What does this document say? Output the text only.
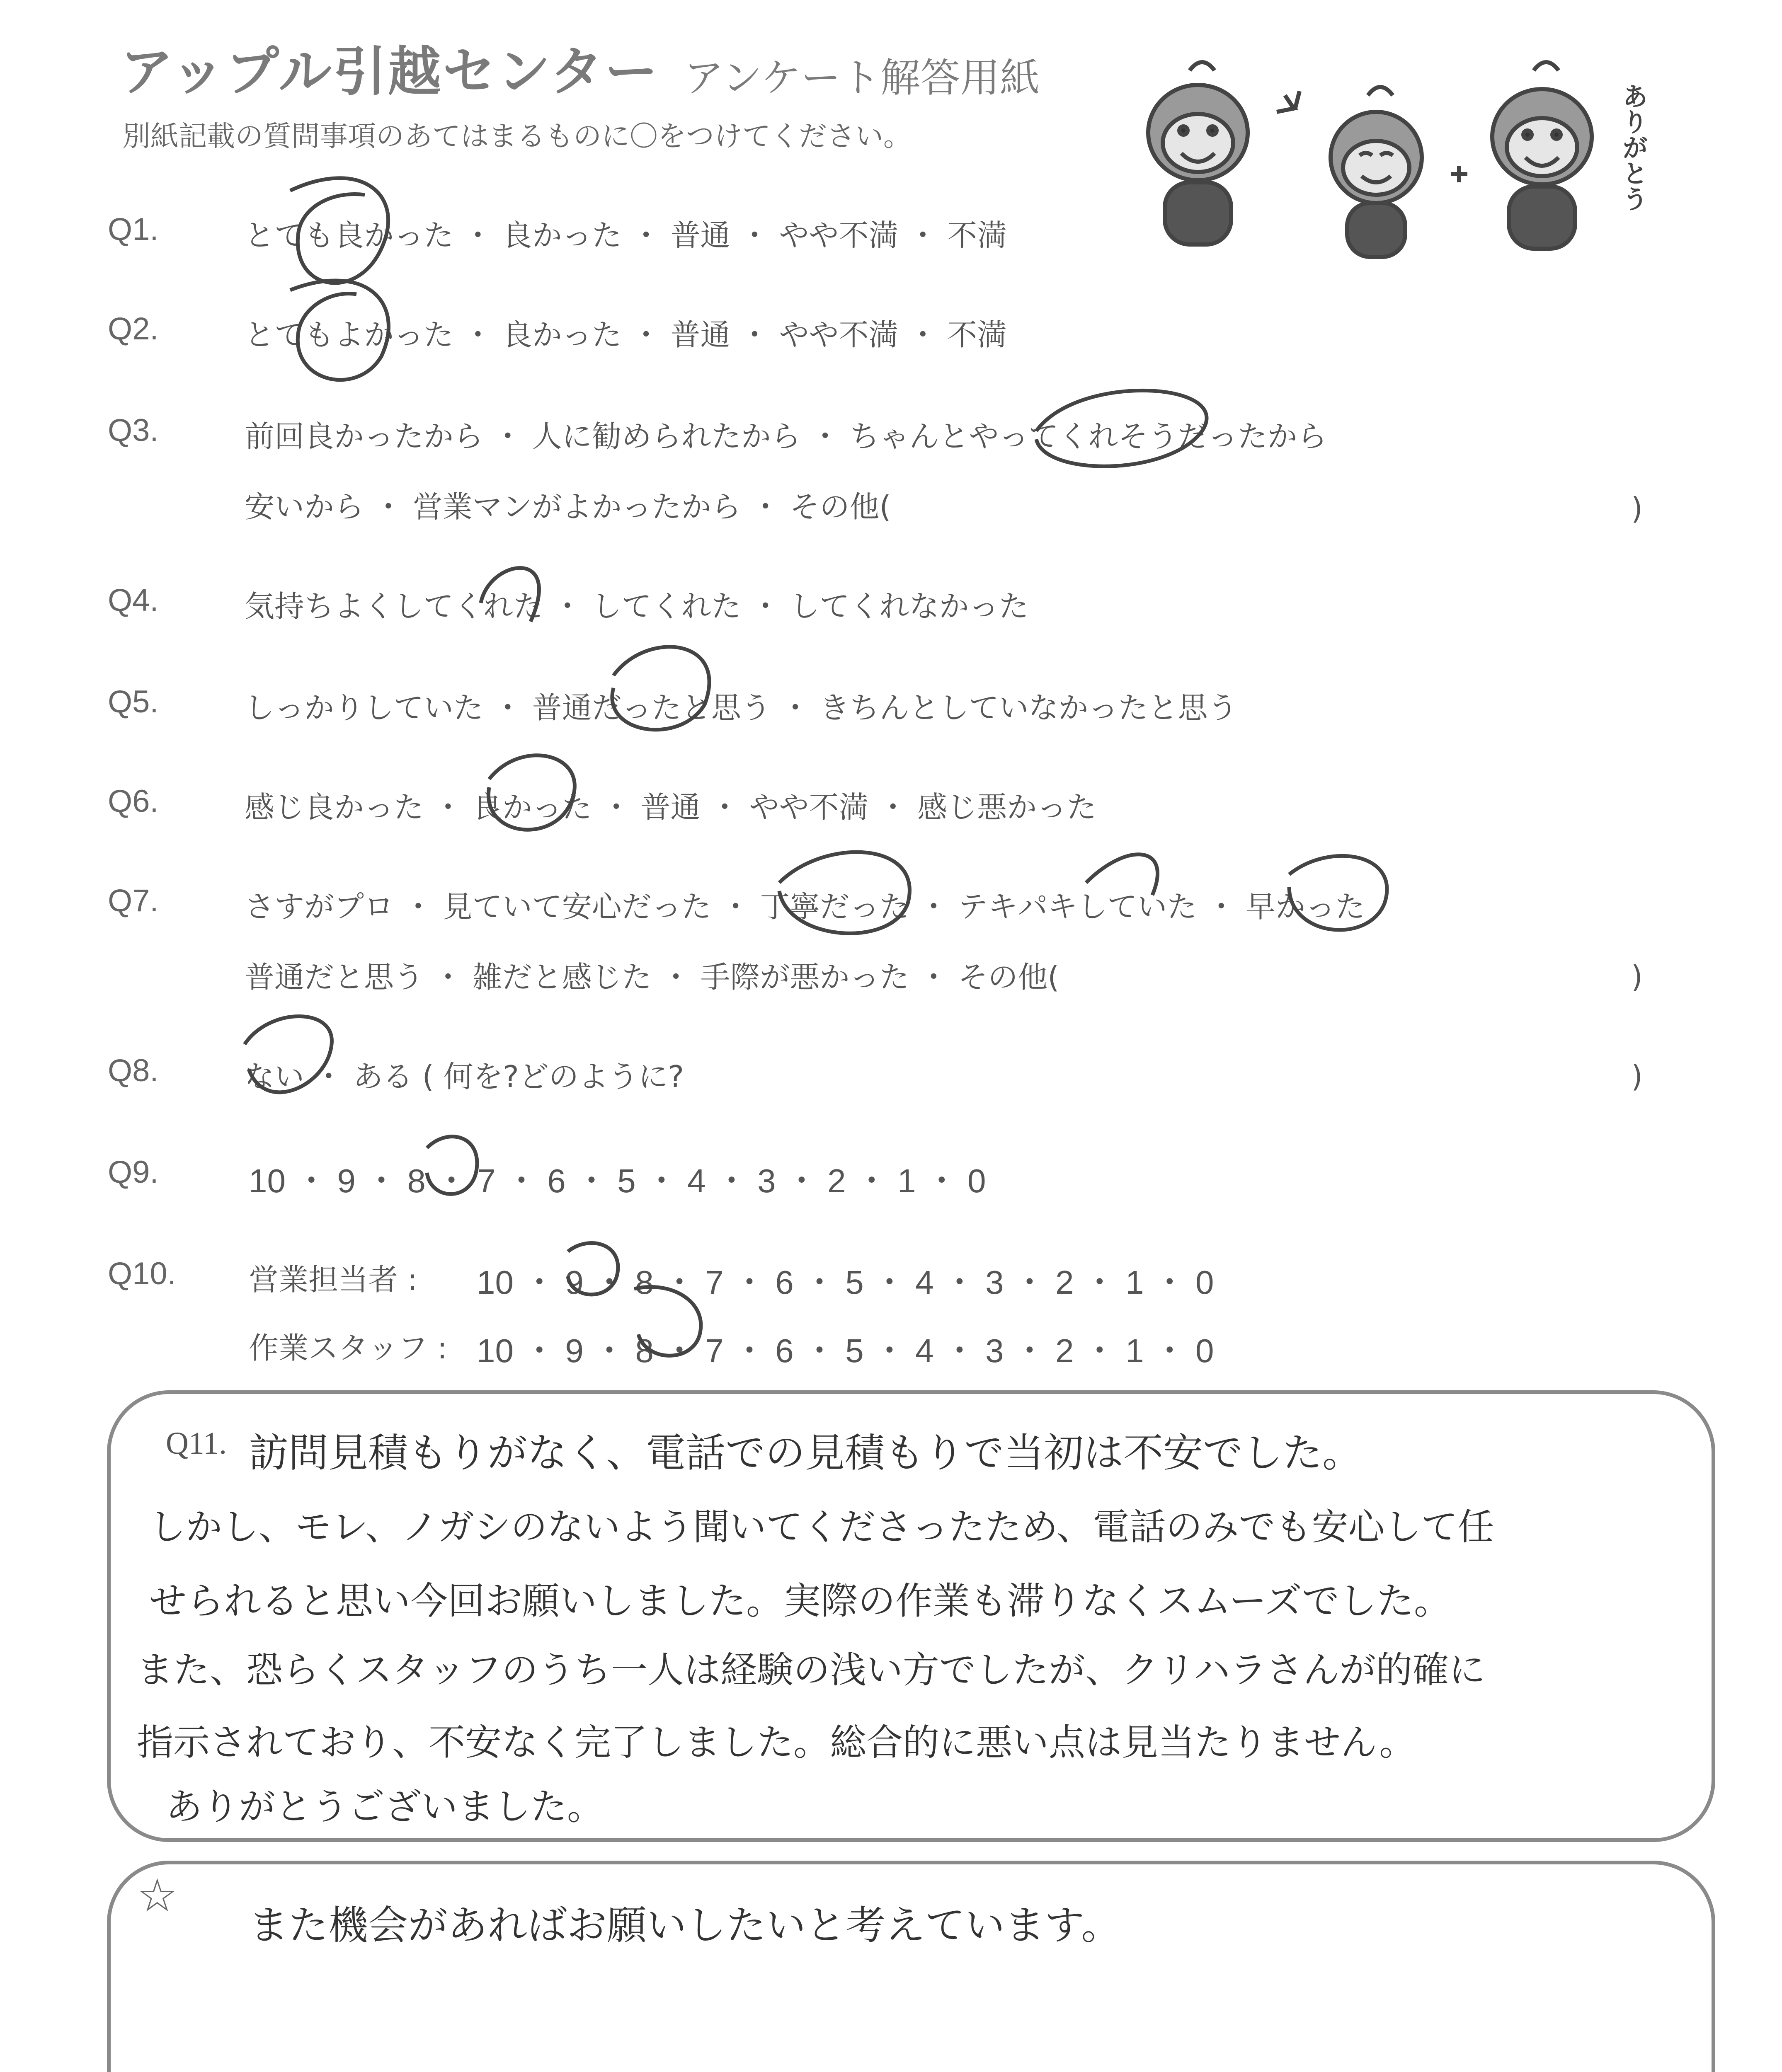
アップル引越センター アンケート解答用紙
別紙記載の質問事項のあてはまるものに〇をつけてください。	ありがとう
Q1.	とても良かった ・ 良かった ・ 普通 ・ やや不満 ・ 不満
Q2.	とてもよかった ・ 良かった ・ 普通 ・ やや不満 ・ 不満
Q3.	前回良かったから ・ 人に勧められたから ・ ちゃんとやってくれそうだったから
安いから ・ 営業マンがよかったから ・ その他(	)
Q4.	気持ちよくしてくれた ・ してくれた ・ してくれなかった
Q5.	しっかりしていた ・ 普通だったと思う ・ きちんとしていなかったと思う
Q6.	感じ良かった ・ 良かった ・ 普通 ・ やや不満 ・ 感じ悪かった
Q7.	さすがプロ ・ 見ていて安心だった ・ 丁寧だった ・ テキパキしていた ・ 早かった
普通だと思う ・ 雑だと感じた ・ 手際が悪かった ・ その他(	)
Q8.	ない ・ ある ( 何を?どのように?	)
Q9.	10 ・ 9 ・ 8 ・ 7 ・ 6 ・ 5 ・ 4 ・ 3 ・ 2 ・ 1 ・ 0
Q10. 営業担当者 : 10 ・ 9 ・ 8 ・ 7 ・ 6 ・ 5 ・ 4 ・ 3 ・ 2 ・ 1 ・ 0
作業スタッフ : 10 ・ 9 ・ 8 ・ 7 ・ 6 ・ 5 ・ 4 ・ 3 ・ 2 ・ 1 ・ 0
Q11. 訪問見積もりがなく、電話での見積もりで当初は不安でした。
しかし、モレ、ノガシのないよう聞いてくださったため、電話のみでも安心して任
せられると思い今回お願いしました。実際の作業も滞りなくスムーズでした。
また、恐らくスタッフのうち一人は経験の浅い方でしたが、クリハラさんが的確に
指示されており、不安なく完了しました。総合的に悪い点は見当たりません。
ありがとうございました。
☆
また機会があればお願いしたいと考えています。
